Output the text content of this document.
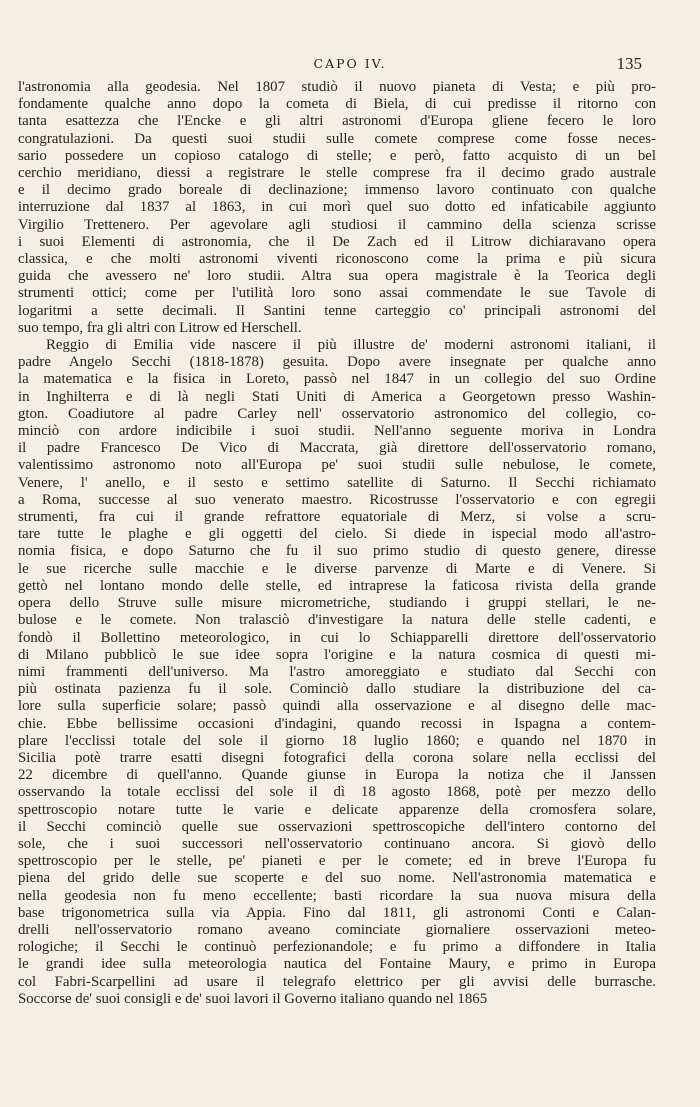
CAPO IV.	135
l'astronomia alla geodesia. Nel 1807 studiò il nuovo pianeta di Vesta; e più pro-
fondamente qualche anno dopo la cometa di Biela, di cui predisse il ritorno con
tanta esattezza che l'Encke e gli altri astronomi d'Europa gliene fecero le loro
congratulazioni. Da questi suoi studii sulle comete comprese come fosse neces-
sario possedere un copioso catalogo di stelle; e però, fatto acquisto di un bel
cerchio meridiano, diessi a registrare le stelle comprese fra il decimo grado australe
e il decimo grado boreale di declinazione; immenso lavoro continuato con qualche
interruzione dal 1837 al 1863, in cui morì quel suo dotto ed infaticabile aggiunto
Virgilio Trettenero. Per agevolare agli studiosi il cammino della scienza scrisse
i suoi Elementi di astronomia, che il De Zach ed il Litrow dichiaravano opera
classica, e che molti astronomi viventi riconoscono come la prima e più sicura
guida che avessero ne' loro studii. Altra sua opera magistrale è la Teorica degli
strumenti ottici; come per l'utilità loro sono assai commendate le sue Tavole di
logaritmi a sette decimali. Il Santini tenne carteggio co' principali astronomi del
suo tempo, fra gli altri con Litrow ed Herschell.
Reggio di Emilia vide nascere il più illustre de' moderni astronomi italiani, il
padre Angelo Secchi (1818-1878) gesuita. Dopo avere insegnate per qualche anno
la matematica e la fisica in Loreto, passò nel 1847 in un collegio del suo Ordine
in Inghilterra e di là negli Stati Uniti di America a Georgetown presso Washin-
gton. Coadiutore al padre Carley nell' osservatorio astronomico del collegio, co-
minciò con ardore indicibile i suoi studii. Nell'anno seguente moriva in Londra
il padre Francesco De Vico di Maccrata, già direttore dell'osservatorio romano,
valentissimo astronomo noto all'Europa pe' suoi studii sulle nebulose, le comete,
Venere, l' anello, e il sesto e settimo satellite di Saturno. Il Secchi richiamato
a Roma, successe al suo venerato maestro. Ricostrusse l'osservatorio e con egregii
strumenti, fra cui il grande refrattore equatoriale di Merz, si volse a scru-
tare tutte le plaghe e gli oggetti del cielo. Si diede in ispecial modo all'astro-
nomia fisica, e dopo Saturno che fu il suo primo studio di questo genere, diresse
le sue ricerche sulle macchie e le diverse parvenze di Marte e di Venere. Si
gettò nel lontano mondo delle stelle, ed intraprese la faticosa rivista della grande
opera dello Struve sulle misure micrometriche, studiando i gruppi stellari, le ne-
bulose e le comete. Non tralasciò d'investigare la natura delle stelle cadenti, e
fondò il Bollettino meteorologico, in cui lo Schiapparelli direttore dell'osservatorio
di Milano pubblicò le sue idee sopra l'origine e la natura cosmica di questi mi-
nimi frammenti dell'universo. Ma l'astro amoreggiato e studiato dal Secchi con
più ostinata pazienza fu il sole. Cominciò dallo studiare la distribuzione del ca-
lore sulla superficie solare; passò quindi alla osservazione e al disegno delle mac-
chie. Ebbe bellissime occasioni d'indagini, quando recossi in Ispagna a contem-
plare l'ecclissi totale del sole il giorno 18 luglio 1860; e quando nel 1870 in
Sicilia potè trarre esatti disegni fotografici della corona solare nella ecclissi del
22 dicembre di quell'anno. Quande giunse in Europa la notiza che il Janssen
osservando la totale ecclissi del sole il dì 18 agosto 1868, potè per mezzo dello
spettroscopio notare tutte le varie e delicate apparenze della cromosfera solare,
il Secchi cominciò quelle sue osservazioni spettroscopiche dell'intero contorno del
sole, che i suoi successori nell'osservatorio continuano ancora. Si giovò dello
spettroscopio per le stelle, pe' pianeti e per le comete; ed in breve l'Europa fu
piena del grido delle sue scoperte e del suo nome. Nell'astronomia matematica e
nella geodesia non fu meno eccellente; basti ricordare la sua nuova misura della
base trigonometrica sulla via Appia. Fino dal 1811, gli astronomi Conti e Calan-
drelli nell'osservatorio romano aveano cominciate giornaliere osservazioni meteo-
rologiche; il Secchi le continuò perfezionandole; e fu primo a diffondere in Italia
le grandi idee sulla meteorologia nautica del Fontaine Maury, e primo in Europa
col Fabri-Scarpellini ad usare il telegrafo elettrico per gli avvisi delle burrasche.
Soccorse de' suoi consigli e de' suoi lavori il Governo italiano quando nel 1865
